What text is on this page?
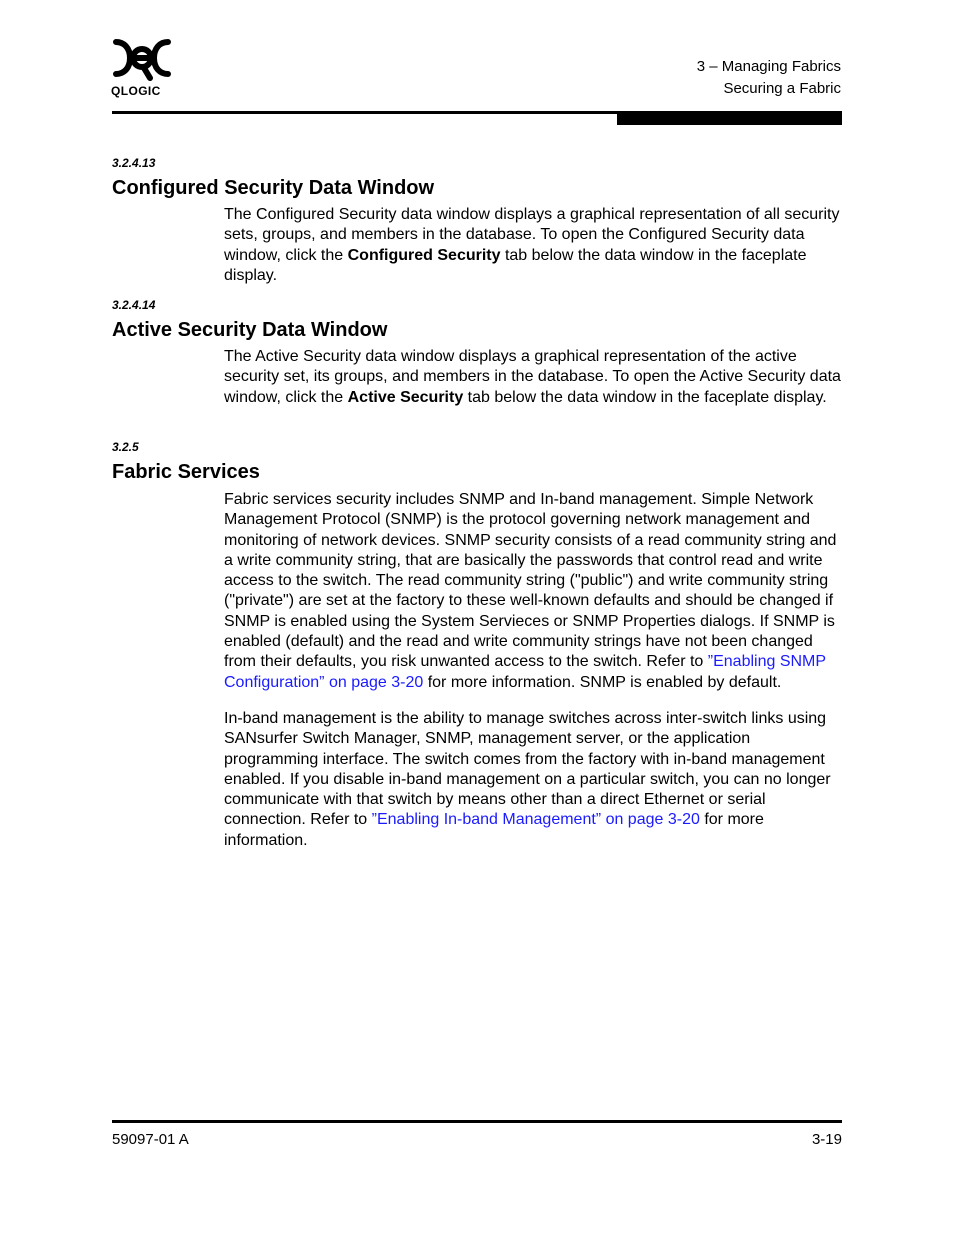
QLOGIC
3 – Managing Fabrics
Securing a Fabric
3.2.4.13
Configured Security Data Window

The Configured Security data window displays a graphical representation of all security sets, groups, and members in the database. To open the Configured Security data window, click the Configured Security tab below the data window in the faceplate display.

3.2.4.14
Active Security Data Window

The Active Security data window displays a graphical representation of the active security set, its groups, and members in the database. To open the Active Security data window, click the Active Security tab below the data window in the faceplate display.

3.2.5
Fabric Services

Fabric services security includes SNMP and In-band management. Simple Network Management Protocol (SNMP) is the protocol governing network management and monitoring of network devices. SNMP security consists of a read community string and a write community string, that are basically the passwords that control read and write access to the switch. The read community string ("public") and write community string ("private") are set at the factory to these well-known defaults and should be changed if SNMP is enabled using the System Servieces or SNMP Properties dialogs. If SNMP is enabled (default) and the read and write community strings have not been changed from their defaults, you risk unwanted access to the switch. Refer to ”Enabling SNMP Configuration” on page 3-20 for more information. SNMP is enabled by default.

In-band management is the ability to manage switches across inter-switch links using SANsurfer Switch Manager, SNMP, management server, or the application programming interface. The switch comes from the factory with in-band management enabled. If you disable in-band management on a particular switch, you can no longer communicate with that switch by means other than a direct Ethernet or serial connection. Refer to ”Enabling In-band Management” on page 3-20 for more information.

59097-01 A	3-19
